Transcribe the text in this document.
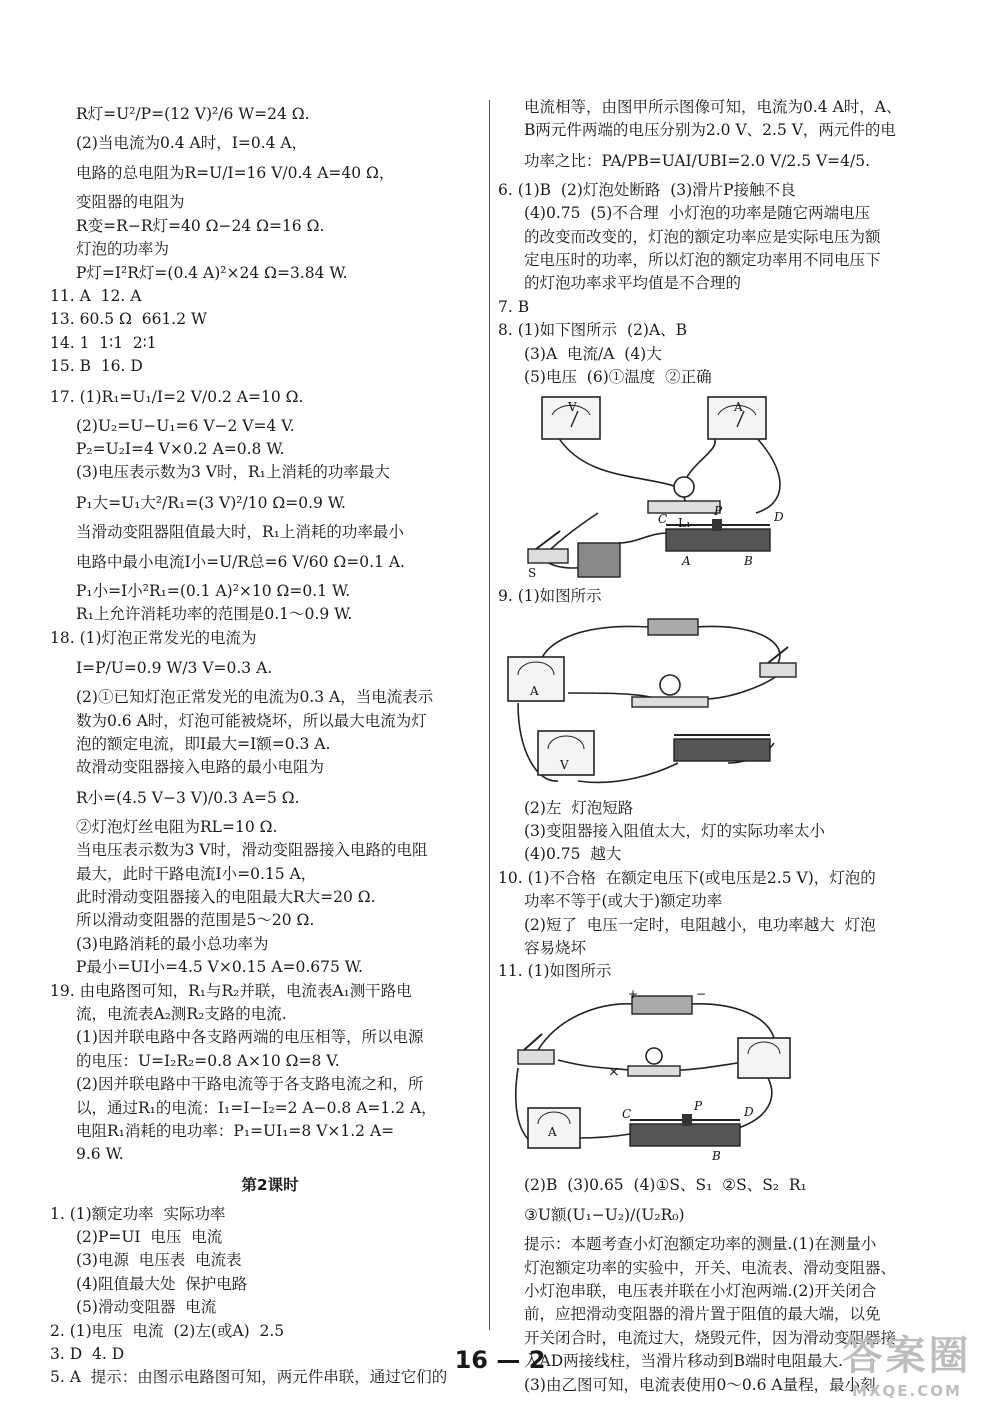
R灯=U²/P=(12 V)²/6 W=24 Ω.
(2)当电流为0.4 A时，I=0.4 A，
电路的总电阻为R=U/I=16 V/0.4 A=40 Ω，
变阻器的电阻为
R变=R−R灯=40 Ω−24 Ω=16 Ω.
灯泡的功率为
P灯=I²R灯=(0.4 A)²×24 Ω=3.84 W.
11. A  12. A
13. 60.5 Ω  661.2 W
14. 1  1∶1  2∶1
15. B  16. D
17. (1)R₁=U₁/I=2 V/0.2 A=10 Ω.
(2)U₂=U−U₁=6 V−2 V=4 V.
P₂=U₂I=4 V×0.2 A=0.8 W.
(3)电压表示数为3 V时，R₁上消耗的功率最大
P₁大=U₁大²/R₁=(3 V)²/10 Ω=0.9 W.
当滑动变阻器阻值最大时，R₁上消耗的功率最小
电路中最小电流I小=U/R总=6 V/60 Ω=0.1 A.
P₁小=I小²R₁=(0.1 A)²×10 Ω=0.1 W.
R₁上允许消耗功率的范围是0.1～0.9 W.
18. (1)灯泡正常发光的电流为
I=P/U=0.9 W/3 V=0.3 A.
(2)①已知灯泡正常发光的电流为0.3 A，当电流表示
数为0.6 A时，灯泡可能被烧坏，所以最大电流为灯
泡的额定电流，即I最大=I额=0.3 A.
故滑动变阻器接入电路的最小电阻为
R小=(4.5 V−3 V)/0.3 A=5 Ω.
②灯泡灯丝电阻为RL=10 Ω.
当电压表示数为3 V时，滑动变阻器接入电路的电阻
最大，此时干路电流I小=0.15 A，
此时滑动变阻器接入的电阻最大R大=20 Ω.
所以滑动变阻器的范围是5～20 Ω.
(3)电路消耗的最小总功率为
P最小=UI小=4.5 V×0.15 A=0.675 W.
19. 由电路图可知，R₁与R₂并联，电流表A₁测干路电
流，电流表A₂测R₂支路的电流.
(1)因并联电路中各支路两端的电压相等，所以电源
的电压：U=I₂R₂=0.8 A×10 Ω=8 V.
(2)因并联电路中干路电流等于各支路电流之和，所
以，通过R₁的电流：I₁=I−I₂=2 A−0.8 A=1.2 A，
电阻R₁消耗的电功率：P₁=UI₁=8 V×1.2 A=
9.6 W.
第2课时
1. (1)额定功率  实际功率
(2)P=UI  电压  电流
(3)电源  电压表  电流表
(4)阻值最大处  保护电路
(5)滑动变阻器  电流
2. (1)电压  电流  (2)左(或A)  2.5
3. D  4. D
5. A  提示：由图示电路图可知，两元件串联，通过它们的
电流相等，由图甲所示图像可知，电流为0.4 A时，A、
B两元件两端的电压分别为2.0 V、2.5 V，两元件的电
功率之比：PA/PB=UAI/UBI=2.0 V/2.5 V=4/5.
6. (1)B  (2)灯泡处断路  (3)滑片P接触不良
(4)0.75  (5)不合理  小灯泡的功率是随它两端电压
的改变而改变的，灯泡的额定功率应是实际电压为额
定电压时的功率，所以灯泡的额定功率用不同电压下
的灯泡功率求平均值是不合理的
7. B
8. (1)如下图所示  (2)A、B
(3)A  电流/A  (4)大
(5)电压  (6)①温度  ②正确
V	A
L₁
C
P	D
S
A	B
9. (1)如图所示
A
V
(2)左  灯泡短路
(3)变阻器接入阻值太大，灯的实际功率太小
(4)0.75  越大
10. (1)不合格  在额定电压下(或电压是2.5 V)，灯泡的
功率不等于(或大于)额定功率
(2)短了  电压一定时，电阻越小，电功率越大  灯泡
容易烧坏
11. (1)如图所示
+	−
×
A
C
P	D
B
(2)B  (3)0.65  (4)①S、S₁  ②S、S₂  R₁
③U额(U₁−U₂)/(U₂R₀)
提示：本题考查小灯泡额定功率的测量.(1)在测量小
灯泡额定功率的实验中，开关、电流表、滑动变阻器、
小灯泡串联，电压表并联在小灯泡两端.(2)开关闭合
前，应把滑动变阻器的滑片置于阻值的最大端，以免
开关闭合时，电流过大，烧毁元件，因为滑动变阻器接
入AD两接线柱，当滑片移动到B端时电阻最大.
(3)由乙图可知，电流表使用0～0.6 A量程，最小刻
16 — 2	答案圈
MXQE.COM
